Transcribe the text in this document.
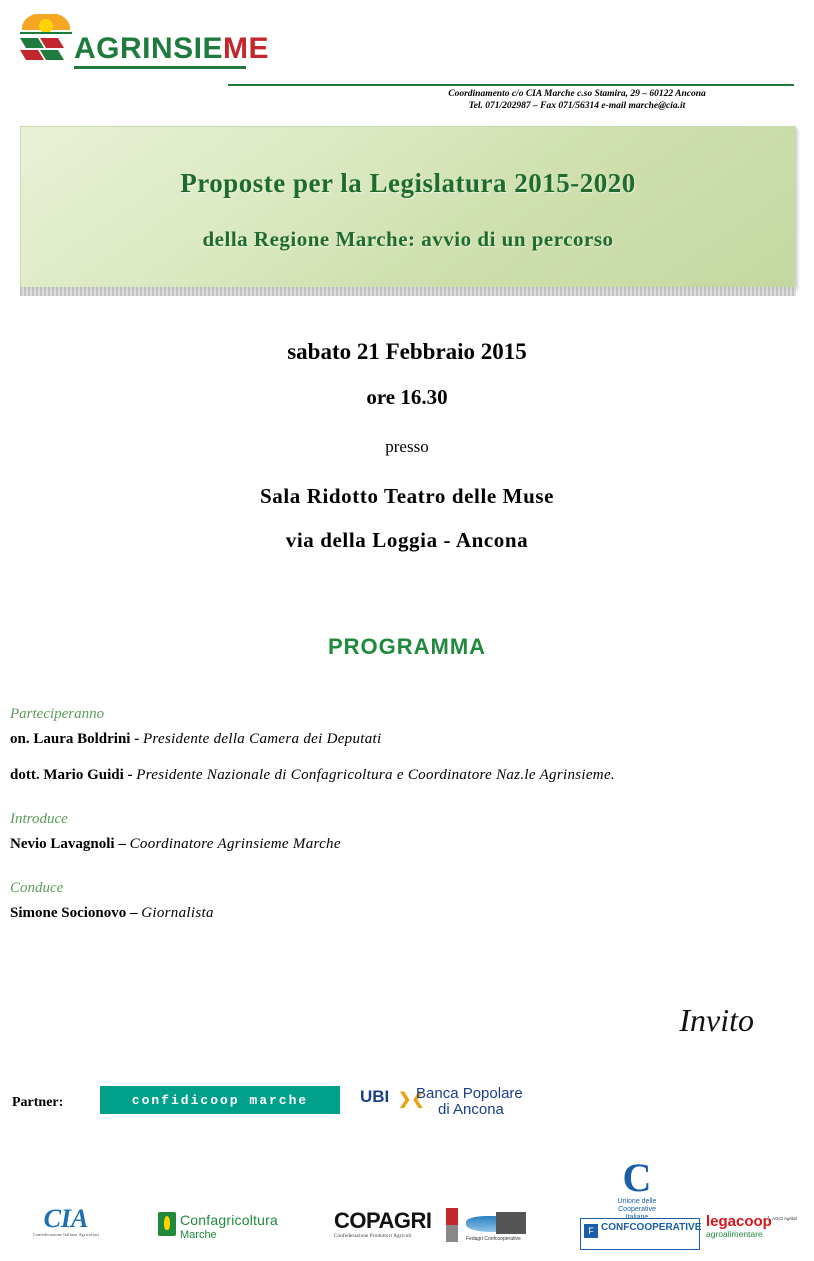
AGRINSIEME
Coordinamento c/o CIA Marche c.so Stamira, 29 – 60122 Ancona
Tel. 071/202987 – Fax 071/56314 e-mail marche@cia.it
Proposte per la Legislatura 2015-2020
della Regione Marche: avvio di un percorso
sabato 21 Febbraio 2015
ore 16.30
presso
Sala Ridotto Teatro delle Muse
via della Loggia - Ancona
PROGRAMMA
Parteciperanno
on. Laura Boldrini - Presidente della Camera dei Deputati
dott. Mario Guidi - Presidente Nazionale di Confagricoltura e Coordinatore Naz.le Agrinsieme.
Introduce
Nevio Lavagnoli – Coordinatore Agrinsieme Marche
Conduce
Simone Socionovo – Giornalista
Invito
Partner:	confidicoop marche	UBI ❯❮
Banca Popolare
di Ancona
CIA
Confederazione Italiana Agricoltori
Confagricoltura
Marche
COPAGRI
Confederazione Produttori Agricoli	Fedagri Confcooperative
C
Unione delle
Cooperative
Italiane
F CONFCOOPERATIVE legacoop
agroalimentare
AGCI Agrital
